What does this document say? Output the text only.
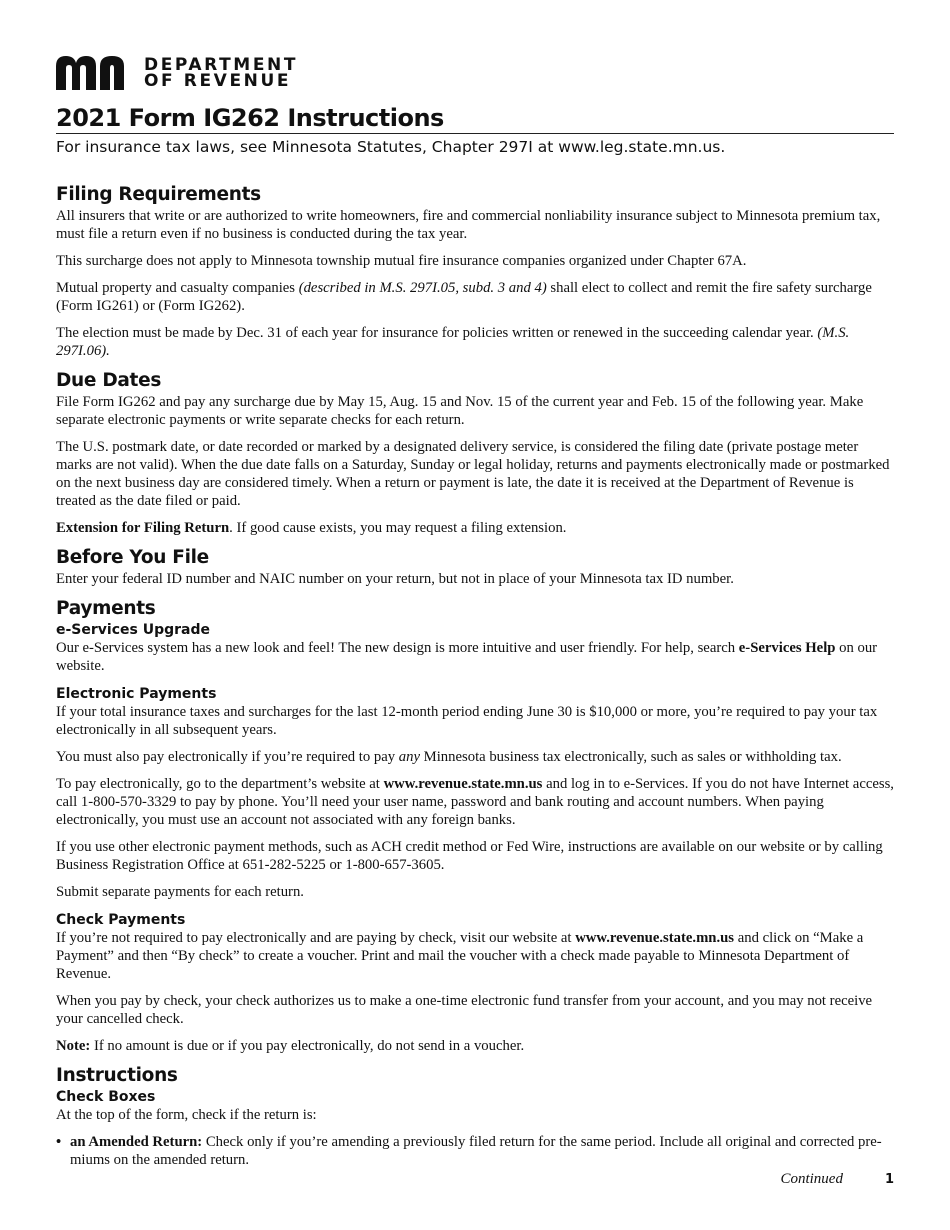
DEPARTMENT
OF REVENUE
2021 Form IG262 Instructions

For insurance tax laws, see Minnesota Statutes, Chapter 297I at www.leg.state.mn.us.

Filing Requirements

All insurers that write or are authorized to write homeowners, fire and commercial nonliability insurance subject to Minnesota premium tax, must file a return even if no business is conducted during the tax year.

This surcharge does not apply to Minnesota township mutual fire insurance companies organized under Chapter 67A.

Mutual property and casualty companies (described in M.S. 297I.05, subd. 3 and 4) shall elect to collect and remit the fire safety surcharge (Form IG261) or (Form IG262).

The election must be made by Dec. 31 of each year for insurance for policies written or renewed in the succeeding calendar year. (M.S. 297I.06).

Due Dates

File Form IG262 and pay any surcharge due by May 15, Aug. 15 and Nov. 15 of the current year and Feb. 15 of the following year. Make separate electronic payments or write separate checks for each return.

The U.S. postmark date, or date recorded or marked by a designated delivery service, is considered the filing date (private postage meter marks are not valid). When the due date falls on a Saturday, Sunday or legal holiday, returns and payments electronically made or postmarked on the next business day are considered timely. When a return or payment is late, the date it is received at the Department of Revenue is treated as the date filed or paid.

Extension for Filing Return. If good cause exists, you may request a filing extension.

Before You File

Enter your federal ID number and NAIC number on your return, but not in place of your Minnesota tax ID number.

Payments
e-Services Upgrade

Our e-Services system has a new look and feel! The new design is more intuitive and user friendly. For help, search e-Services Help on our website.

Electronic Payments

If your total insurance taxes and surcharges for the last 12-month period ending June 30 is $10,000 or more, you’re required to pay your tax electronically in all subsequent years.

You must also pay electronically if you’re required to pay any Minnesota business tax electronically, such as sales or withholding tax.

To pay electronically, go to the department’s website at www.revenue.state.mn.us and log in to e-Services. If you do not have Internet access, call 1-800-570-3329 to pay by phone. You’ll need your user name, password and bank routing and account numbers. When paying electronically, you must use an account not associated with any foreign banks.

If you use other electronic payment methods, such as ACH credit method or Fed Wire, instructions are available on our website or by calling Business Registration Office at 651-282-5225 or 1-800-657-3605.

Submit separate payments for each return.

Check Payments

If you’re not required to pay electronically and are paying by check, visit our website at www.revenue.state.mn.us and click on “Make a Payment” and then “By check” to create a voucher. Print and mail the voucher with a check made payable to Minnesota Department of Revenue.

When you pay by check, your check authorizes us to make a one-time electronic fund transfer from your account, and you may not receive your cancelled check.

Note: If no amount is due or if you pay electronically, do not send in a voucher.

Instructions
Check Boxes

At the top of the form, check if the return is:

• an Amended Return: Check only if you’re amending a previously filed return for the same period. Include all original and corrected pre-miums on the amended return.
Continued	1
